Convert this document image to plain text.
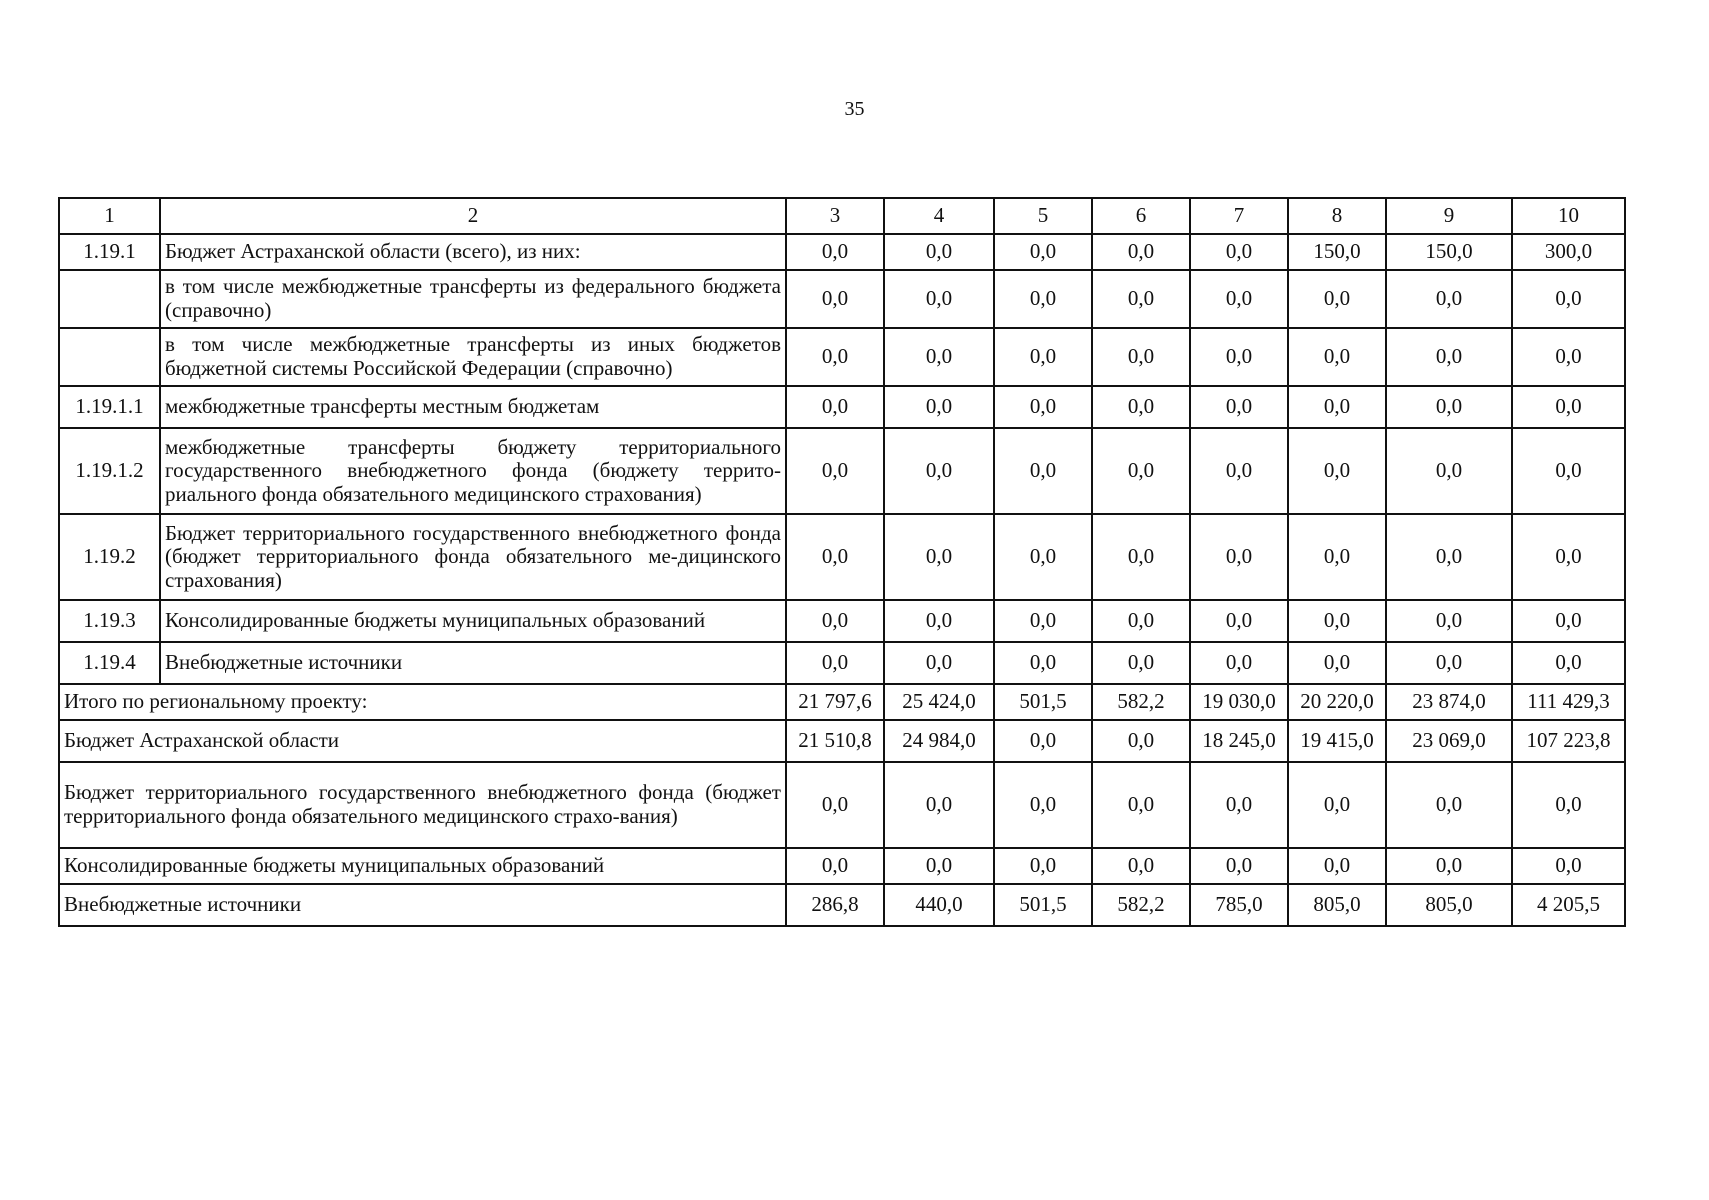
35
1	2	3	4	5	6	7	8	9	10
1.19.1	Бюджет Астраханской области (всего), из них:	0,0	0,0	0,0	0,0	0,0	150,0	150,0	300,0
	в том числе межбюджетные трансферты из федерального бюджета (справочно)	0,0	0,0	0,0	0,0	0,0	0,0	0,0	0,0
	в том числе межбюджетные трансферты из иных бюджетов бюджетной системы Российской Федерации (справочно)	0,0	0,0	0,0	0,0	0,0	0,0	0,0	0,0
1.19.1.1	межбюджетные трансферты местным бюджетам	0,0	0,0	0,0	0,0	0,0	0,0	0,0	0,0
1.19.1.2	межбюджетные трансферты бюджету территориального государственного внебюджетного фонда (бюджету террито-риального фонда обязательного медицинского страхования)	0,0	0,0	0,0	0,0	0,0	0,0	0,0	0,0
1.19.2	Бюджет территориального государственного внебюджетного фонда (бюджет территориального фонда обязательного ме-дицинского страхования)	0,0	0,0	0,0	0,0	0,0	0,0	0,0	0,0
1.19.3	Консолидированные бюджеты муниципальных образований	0,0	0,0	0,0	0,0	0,0	0,0	0,0	0,0
1.19.4	Внебюджетные источники	0,0	0,0	0,0	0,0	0,0	0,0	0,0	0,0
Итого по региональному проекту:		21 797,6	25 424,0	501,5	582,2	19 030,0	20 220,0	23 874,0	111 429,3
Бюджет Астраханской области		21 510,8	24 984,0	0,0	0,0	18 245,0	19 415,0	23 069,0	107 223,8
Бюджет территориального государственного внебюджетного фонда (бюджет территориального фонда обязательного медицинского страхо-вания)		0,0	0,0	0,0	0,0	0,0	0,0	0,0	0,0
Консолидированные бюджеты муниципальных образований		0,0	0,0	0,0	0,0	0,0	0,0	0,0	0,0
Внебюджетные источники		286,8	440,0	501,5	582,2	785,0	805,0	805,0	4 205,5
